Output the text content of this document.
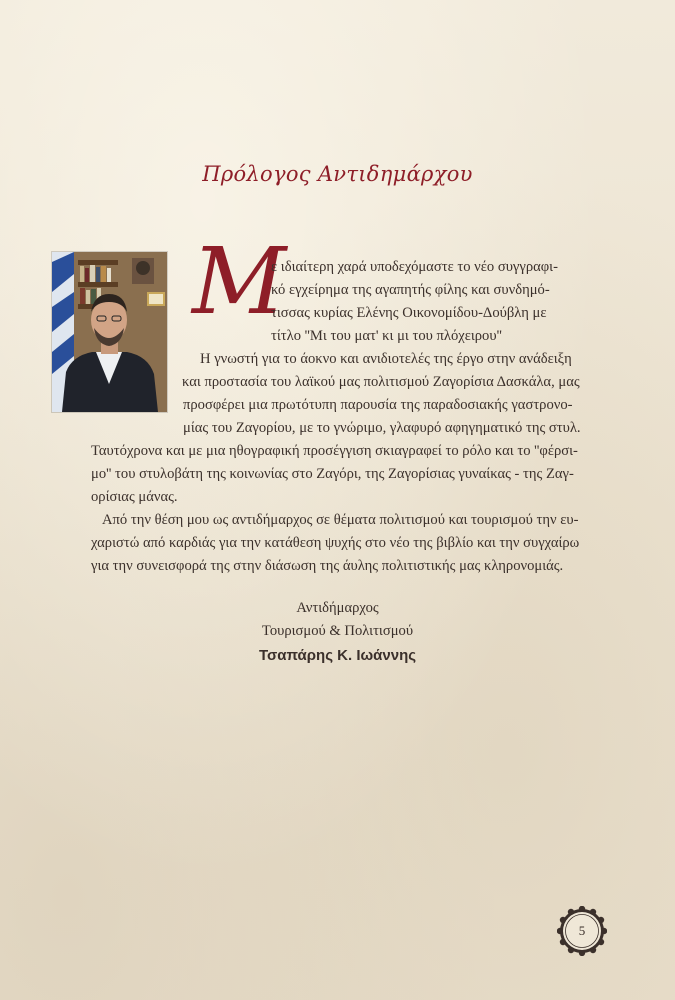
Πρόλογος Αντιδημάρχου
Μ
ε ιδιαίτερη χαρά υποδεχόμαστε το νέο συγγραφι-
κό εγχείρημα της αγαπητής φίλης και συνδημό-
τισσας κυρίας Ελένης Οικονομίδου-Δούβλη με
τίτλο ''Μι του ματ' κι μι του πλόχειρου''
Η γνωστή για το άοκνο και ανιδιοτελές της έργο στην ανάδειξη
και προστασία του λαϊκού μας πολιτισμού Ζαγορίσια Δασκάλα, μας
προσφέρει μια πρωτότυπη παρουσία της παραδοσιακής γαστρονο-
μίας του Ζαγορίου, με το γνώριμο, γλαφυρό αφηγηματικό της στυλ.
Ταυτόχρονα και με μια ηθογραφική προσέγγιση σκιαγραφεί το ρόλο και το ''φέρσι-
μο'' του στυλοβάτη της κοινωνίας στο Ζαγόρι, της Ζαγορίσιας γυναίκας - της Ζαγ-
ορίσιας μάνας.
Από την θέση μου ως αντιδήμαρχος σε θέματα πολιτισμού και τουρισμού την ευ-
χαριστώ από καρδιάς για την κατάθεση ψυχής στο νέο της βιβλίο και την συγχαίρω
για την συνεισφορά της στην διάσωση της άυλης πολιτιστικής μας κληρονομιάς.
Αντιδήμαρχος
Τουρισμού & Πολιτισμού
Τσαπάρης Κ. Ιωάννης
5
